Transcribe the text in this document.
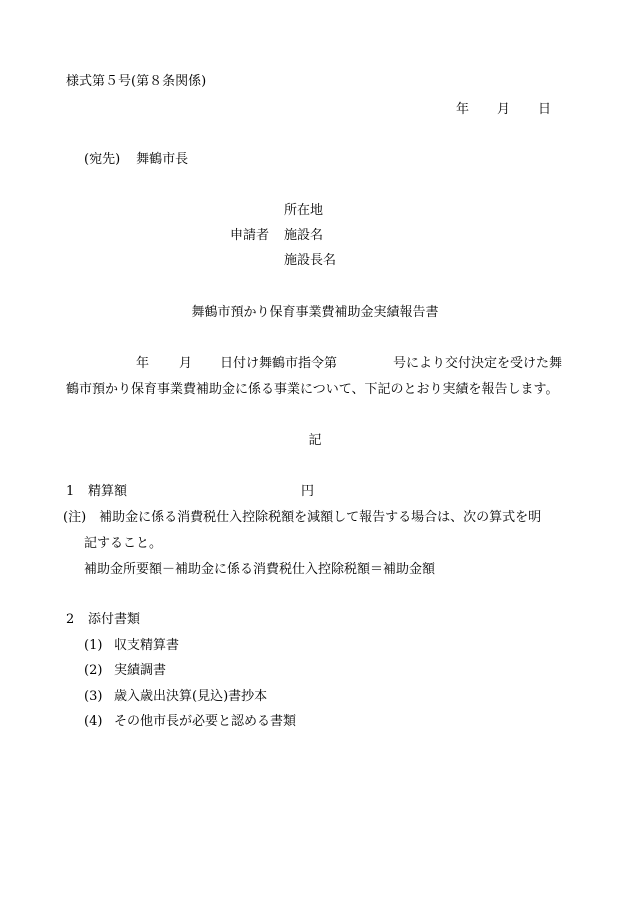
様式第５号(第８条関係)

年 月 日

(宛先) 舞鶴市長

所在地

申請者 施設名

施設長名

舞鶴市預かり保育事業費補助金実績報告書

年 月 日付け舞鶴市指令第	号により交付決定を受けた舞

鶴市預かり保育事業費補助金に係る事業について、下記のとおり実績を報告します。

記

1 精算額	円

(注)　補助金に係る消費税仕入控除税額を減額して報告する場合は、次の算式を明

記すること。

補助金所要額－補助金に係る消費税仕入控除税額＝補助金額

2 添付書類

(1) 収支精算書

(2) 実績調書

(3) 歳入歳出決算(見込)書抄本

(4) その他市長が必要と認める書類
